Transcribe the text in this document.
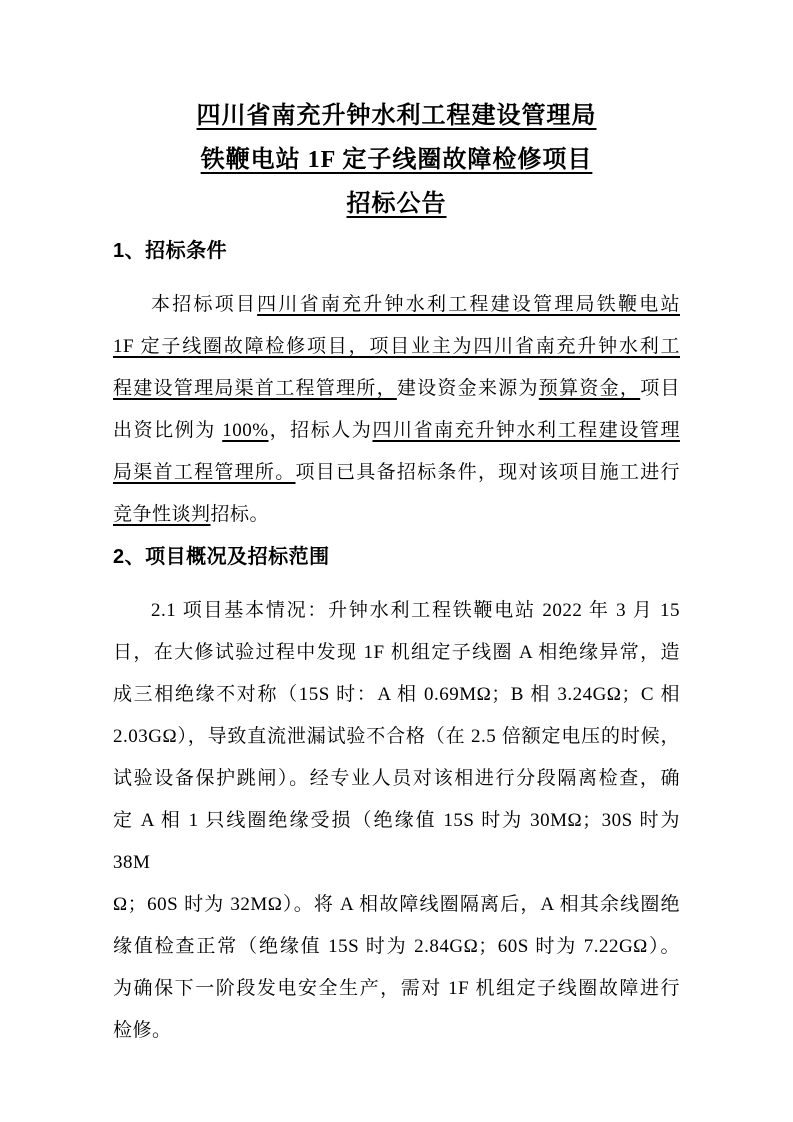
四川省南充升钟水利工程建设管理局
铁鞭电站 1F 定子线圈故障检修项目
招标公告
1、招标条件
本招标项目四川省南充升钟水利工程建设管理局铁鞭电站
1F 定子线圈故障检修项目，项目业主为四川省南充升钟水利工
程建设管理局渠首工程管理所，建设资金来源为预算资金，项目
出资比例为 100%，招标人为四川省南充升钟水利工程建设管理
局渠首工程管理所。项目已具备招标条件，现对该项目施工进行
竞争性谈判招标。
2、项目概况及招标范围
2.1 项目基本情况：升钟水利工程铁鞭电站 2022 年 3 月 15
日，在大修试验过程中发现 1F 机组定子线圈 A 相绝缘异常，造
成三相绝缘不对称（15S 时：A 相 0.69MΩ；B 相 3.24GΩ；C 相
2.03GΩ），导致直流泄漏试验不合格（在 2.5 倍额定电压的时候，
试验设备保护跳闸）。经专业人员对该相进行分段隔离检查，确
定 A 相 1 只线圈绝缘受损（绝缘值 15S 时为 30MΩ；30S 时为 38M
Ω；60S 时为 32MΩ）。将 A 相故障线圈隔离后，A 相其余线圈绝
缘值检查正常（绝缘值 15S 时为 2.84GΩ；60S 时为 7.22GΩ）。
为确保下一阶段发电安全生产，需对 1F 机组定子线圈故障进行
检修。
